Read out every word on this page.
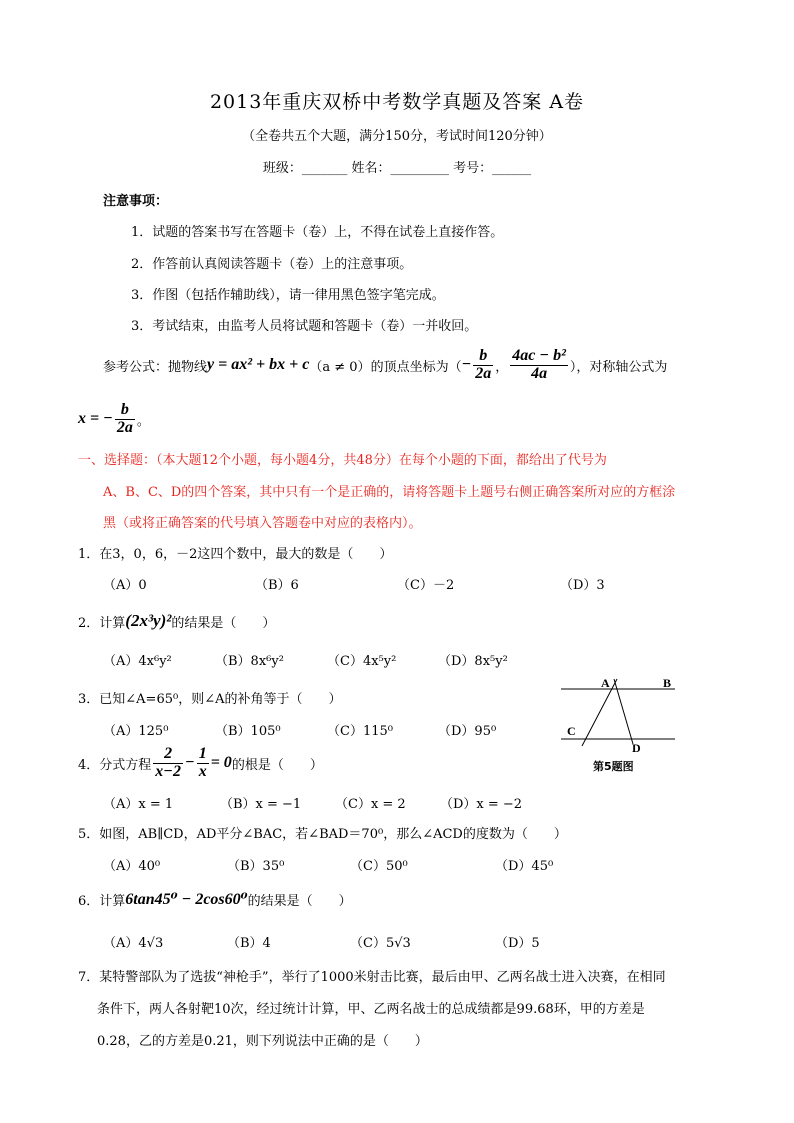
2013年重庆双桥中考数学真题及答案 A卷
（全卷共五个大题，满分150分，考试时间120分钟）
班级：_______ 姓名：_________ 考号：______
注意事项：
1．试题的答案书写在答题卡（卷）上，不得在试卷上直接作答。
2．作答前认真阅读答题卡（卷）上的注意事项。
3．作图（包括作辅助线），请一律用黑色签字笔完成。
3．考试结束，由监考人员将试题和答题卡（卷）一并收回。
参考公式：抛物线 y = ax² + bx + c （a ≠ 0） 的顶点坐标为（ − $\frac{b}{2a}$ ， $\frac{\text{4ac − b²}}{4a}$ ），对称轴公式为
x = − $\frac{b}{2a}$ 。
一、选择题：（本大题12个小题，每小题4分，共48分）在每个小题的下面，都给出了代号为
A、B、C、D的四个答案，其中只有一个是正确的，请将答题卡上题号右侧正确答案所对应的方框涂
黑（或将正确答案的代号填入答题卷中对应的表格内）。
1．在3，0，6，－2这四个数中，最大的数是（　　）
（A）0	（B）6	（C）－2	（D）3
2．计算 (2x³y)² 的结果是（　　）
（A）4x⁶y²	（B）8x⁶y²	（C）4x⁵y²	（D）8x⁵y²
3．已知∠A=65⁰，则∠A的补角等于（　　）
（A）125⁰	（B）105⁰	（C）115⁰	（D）95⁰
4．分式方程 $\frac{2}{x-2} - \frac{1}{x} = 0$ 的根是（　　）
（A）x = 1	（B）x = −1	（C）x = 2	（D）x = −2
5．如图，AB∥CD，AD平分∠BAC，若∠BAD＝70⁰，那么∠ACD的度数为（　　）
（A）40⁰	（B）35⁰	（C）50⁰	（D）45⁰
6．计算 6tan45⁰ − 2cos60⁰ 的结果是（　　）
（A）4√3	（B）4	（C）5√3	（D）5
7．某特警部队为了选拔“神枪手”，举行了1000米射击比赛，最后由甲、乙两名战士进入决赛，在相同
条件下，两人各射靶10次，经过统计计算，甲、乙两名战士的总成绩都是99.68环，甲的方差是
0.28，乙的方差是0.21，则下列说法中正确的是（　　）
A	B
C
D
第5题图
